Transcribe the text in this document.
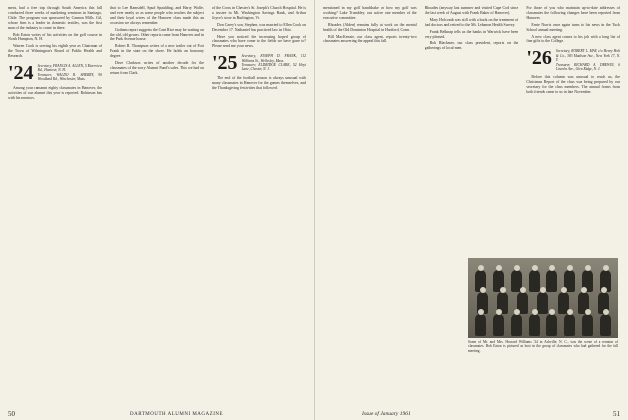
ment, had a free trip through South America this fall conducted three weeks of marketing seminars in Santiago, Chile. The program was sponsored by Cannon Mills. Gil, whose firm is a leader in domestic textiles, was the first man of the industry to come in there.

Bob Eaton writes of his activities on the golf course in North Hampton, N. H.

Warren Cook is serving his eighth year as Chairman of the Town of Wilmington's Board of Public Health and Research.

'24 Secretary, FRANCIS A. ALLEN, 5 Riverview Rd., Hanover, N. H.
Treasurer, WALDO R. SHERRY, 90 Woodland Rd., Winchester, Mass.

Among your ramanni eighty classmates in Hanover, the activities of our alumni this year is reported. Robinson has with his mentors.

that to Lee Ramsdell, Spud Spaulding, and Harry Wolfe, and ever neatly so as some people who reaches the subject and their loyal wives of the Hanover class made this an occasion we always remember.

Gotham report suggests the Cant Rice may be waiting on the old, old gowns. Other reports came from Hanover and in the Park Avenue house.

Robert R. Thompson writes of a new trailer out of Fort Frank in the state on the shore. He holds an honorary degree.

Dave Clarkson writes of another decade for the classmates of the sorry Alumni Fund's sales. This we had on return from Clark.

of the Cross in Chester's St. Joseph's Church Hospital. He is a trustee in Mt. Washington Savings Bank, and Arthur Joyce's store in Burlington, Vt.

Don Carey's son, Stephen, was married to Ellen Cook on December 17. Nathaniel has practiced law in Ohio.

Have you noticed the increasing hoped group of classmates who have come to the fields we have gone to? Please send me your news.

'25 Secretary, JOSEPH D. FRANK, 112 Williams St., Wellesley, Mass.
Treasurer, ELDRIDGE CLARK, 52 Hoyt Lane, Chester, N. J.

The end of the football season is always unusual with many classmates in Hanover for the games themselves, and the Thanksgiving festivities that followed.

mentioned in my golf handshake or how my golf was working? Luke Trumbley, our active one member of the executive committee.

Rhoades (Alden) remains fully at work on the mental health of the Old Dominion Hospital in Hartford, Conn.

Bill MacKenzie, our class agent, reports twenty-two classmates answering the appeal this fall.

Rhoades (anyway last summer and visited Cape Cod since the last week of August with Frank Baker of Hanover).

Mary Holcomb was still with a book on the treatment of bad doctors and retired to the Mt. Lebanon Health Survey.

Frank Belknap tells us the banks in Warwick have been very pleased.

Bob Blackmer, our class president, reports on the gatherings of local men.

For those of you who maintain up-to-date addresses of classmates the following changes have been reported from Hanover.

Ernie Norris once again turns to his news in the Tuck School annual meeting.

A new class agent comes to his job with a long list of fine gifts to the College.

'26 Secretary, ROBERT L. MAY, c/o Henry Holt & Co., 383 Madison Ave., New York 17, N. Y.
Treasurer, RICHARD A. DREWIN, 6 Lincoln Ave., Glen Ridge, N. J.

Before this column was unusual to reach us, the Christmas Report of the class was being prepared by our secretary for the class members. The annual forms from both friends came to us in late November.

Some of Mr. and Mrs. Howard Williams '24 in Ashville, N. C., was the scene of a reunion of classmates. Bob Eaton is pictured as host in the group of classmates who had gathered for the fall meeting.
50	DARTMOUTH ALUMNI MAGAZINE	Issue of January 1961	51
